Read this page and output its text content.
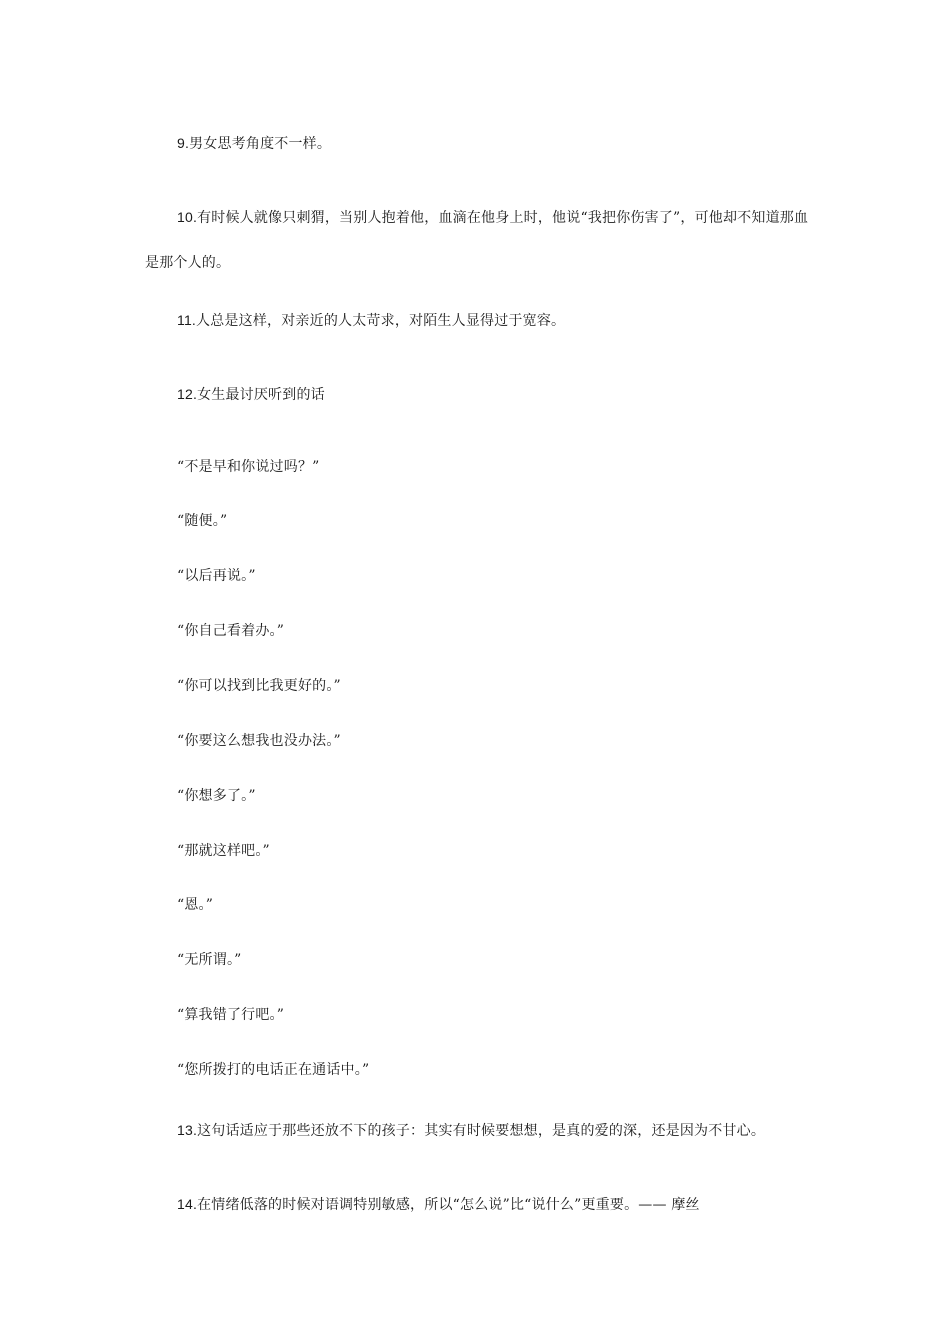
9.男女思考角度不一样。
10.有时候人就像只刺猬，当别人抱着他，血滴在他身上时，他说“我把你伤害了”，可他却不知道那血
是那个人的。
11.人总是这样，对亲近的人太苛求，对陌生人显得过于宽容。
12.女生最讨厌听到的话
“不是早和你说过吗？”
“随便。”
“以后再说。”
“你自己看着办。”
“你可以找到比我更好的。”
“你要这么想我也没办法。”
“你想多了。”
“那就这样吧。”
“恩。”
“无所谓。”
“算我错了行吧。”
“您所拨打的电话正在通话中。”
13.这句话适应于那些还放不下的孩子：其实有时候要想想，是真的爱的深，还是因为不甘心。
14.在情绪低落的时候对语调特别敏感，所以“怎么说”比“说什么”更重要。—— 摩丝
